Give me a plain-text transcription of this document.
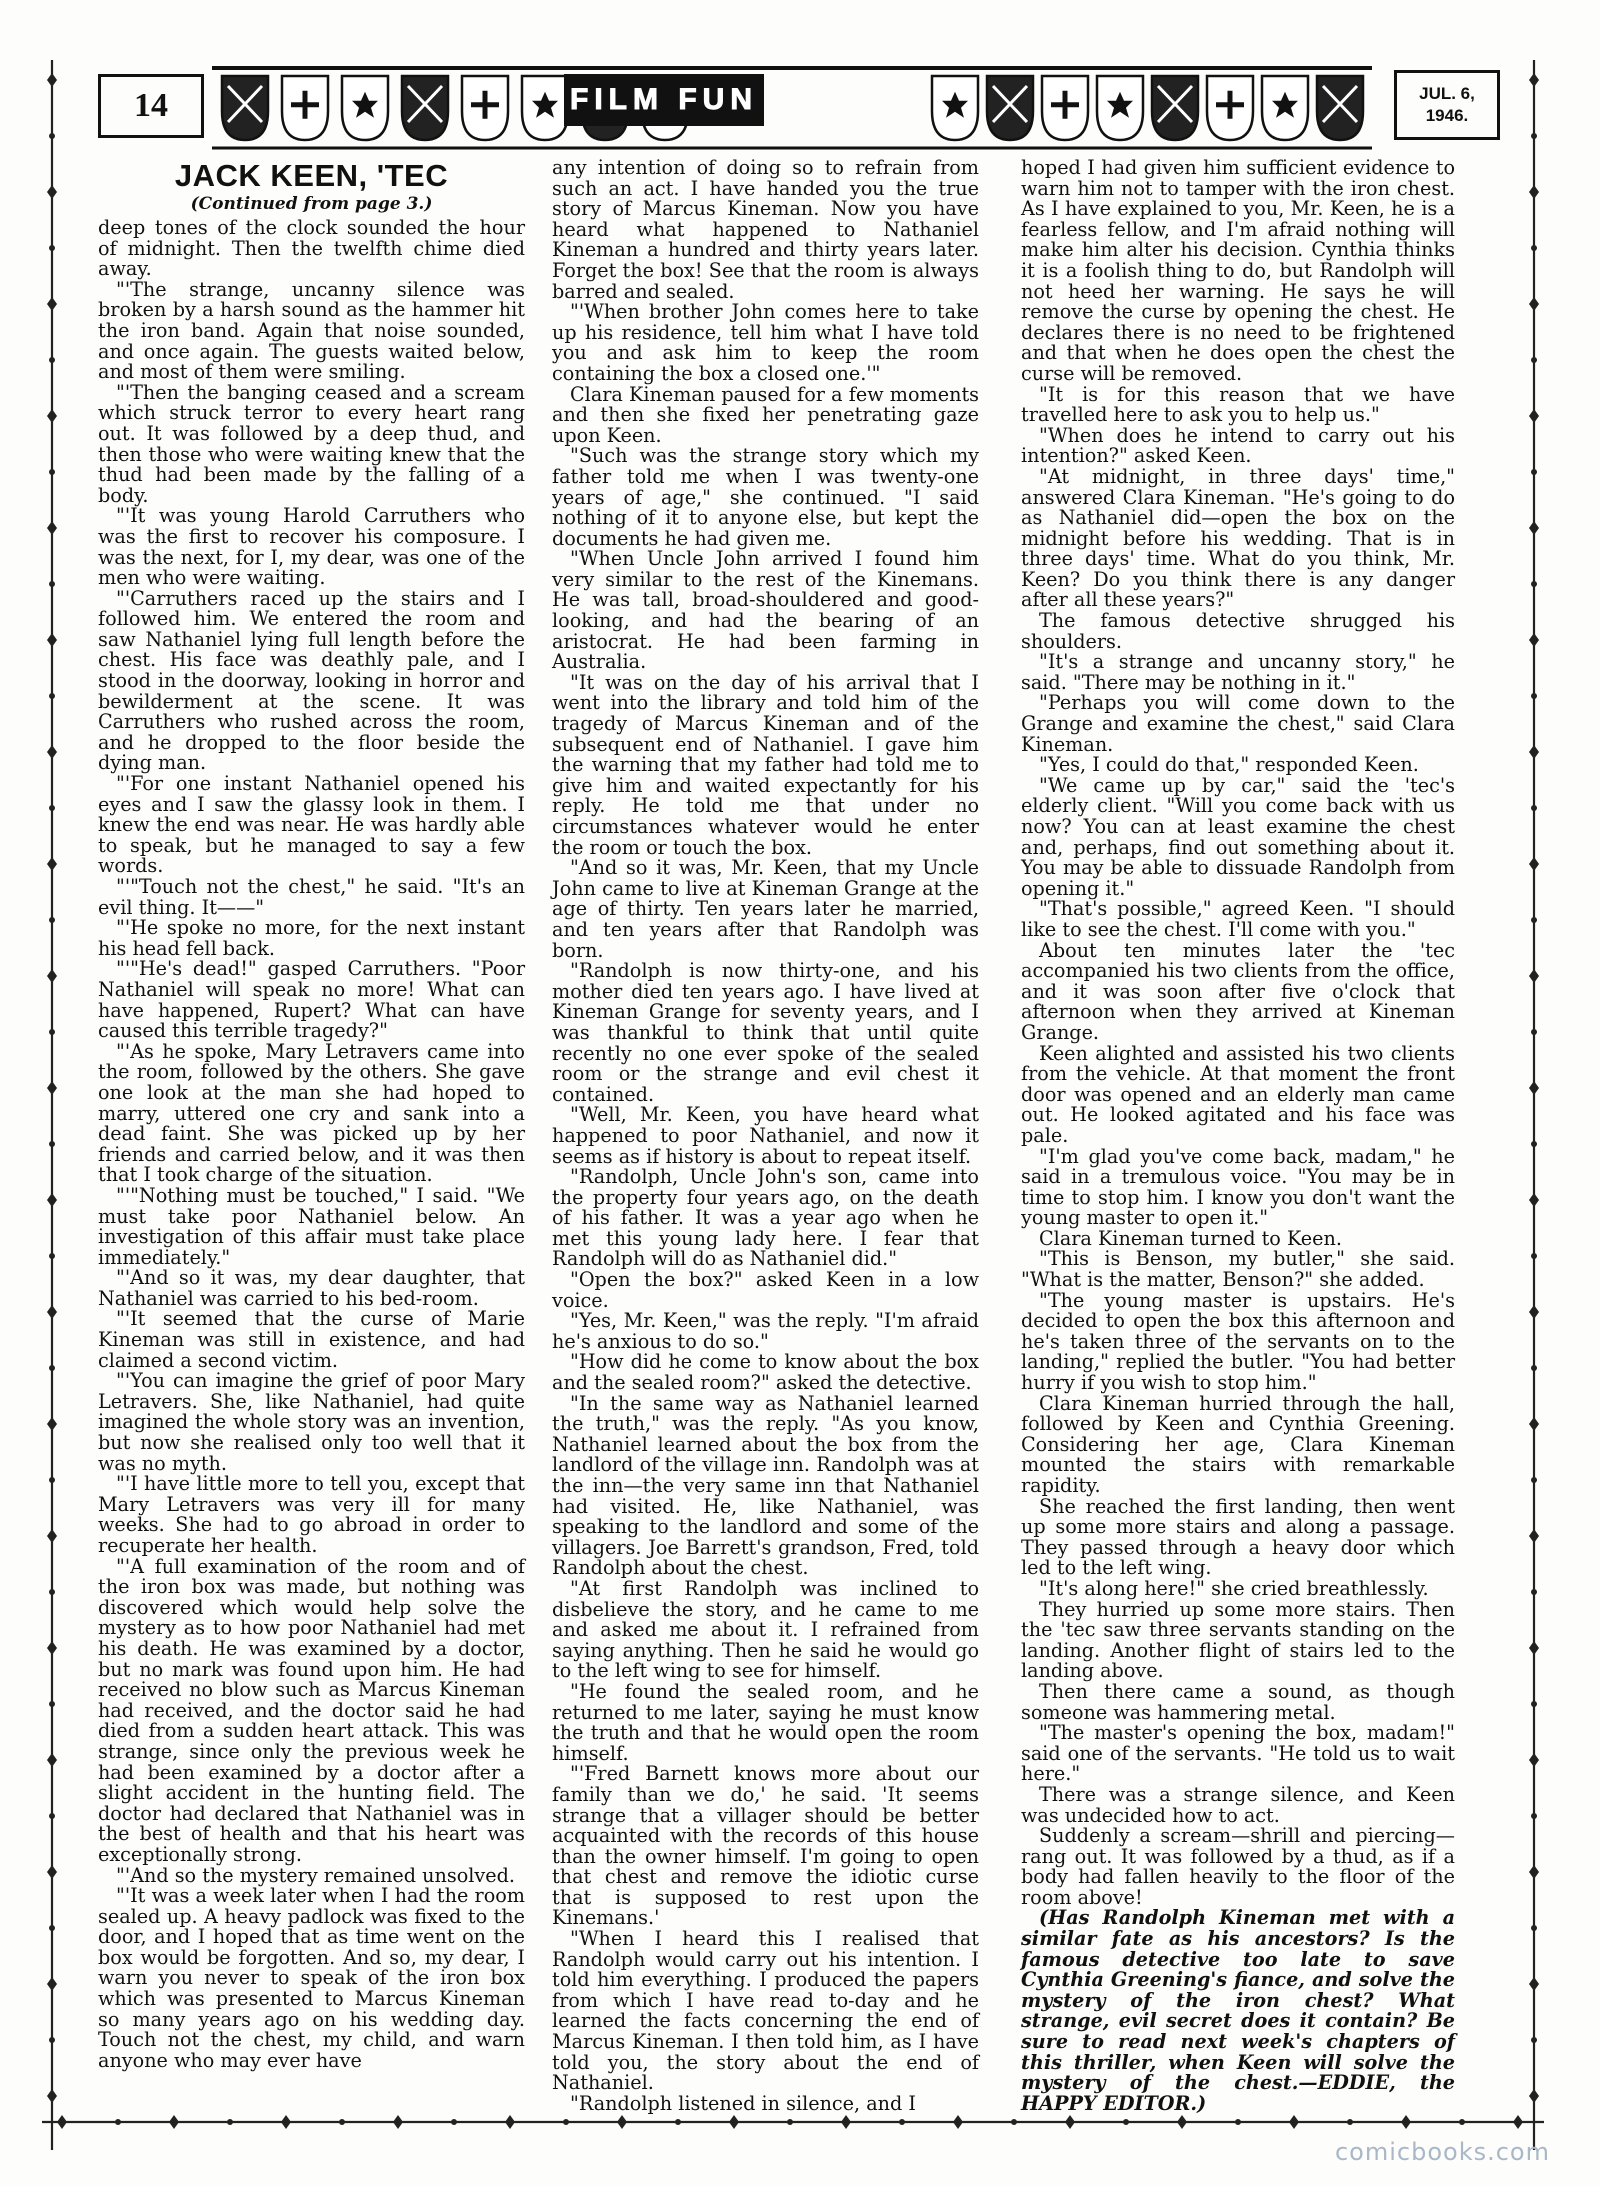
14	FILM FUN	JUL. 6,
1946.
JACK KEEN, 'TEC
(Continued from page 3.)

deep tones of the clock sounded the hour of midnight. Then the twelfth chime died away.

"'The strange, uncanny silence was broken by a harsh sound as the hammer hit the iron band. Again that noise sounded, and once again. The guests waited below, and most of them were smiling.

"'Then the banging ceased and a scream which struck terror to every heart rang out. It was followed by a deep thud, and then those who were waiting knew that the thud had been made by the falling of a body.

"'It was young Harold Carruthers who was the first to recover his composure. I was the next, for I, my dear, was one of the men who were waiting.

"'Carruthers raced up the stairs and I followed him. We entered the room and saw Nathaniel lying full length before the chest. His face was deathly pale, and I stood in the doorway, looking in horror and bewilderment at the scene. It was Carruthers who rushed across the room, and he dropped to the floor beside the dying man.

"'For one instant Nathaniel opened his eyes and I saw the glassy look in them. I knew the end was near. He was hardly able to speak, but he managed to say a few words.

"'"Touch not the chest," he said. "It's an evil thing. It——"

"'He spoke no more, for the next instant his head fell back.

"'"He's dead!" gasped Carruthers. "Poor Nathaniel will speak no more! What can have happened, Rupert? What can have caused this terrible tragedy?"

"'As he spoke, Mary Letravers came into the room, followed by the others. She gave one look at the man she had hoped to marry, uttered one cry and sank into a dead faint. She was picked up by her friends and carried below, and it was then that I took charge of the situation.

"'"Nothing must be touched," I said. "We must take poor Nathaniel below. An investigation of this affair must take place immediately."

"'And so it was, my dear daughter, that Nathaniel was carried to his bed-room.

"'It seemed that the curse of Marie Kineman was still in existence, and had claimed a second victim.

"'You can imagine the grief of poor Mary Letravers. She, like Nathaniel, had quite imagined the whole story was an invention, but now she realised only too well that it was no myth.

"'I have little more to tell you, except that Mary Letravers was very ill for many weeks. She had to go abroad in order to recuperate her health.

"'A full examination of the room and of the iron box was made, but nothing was discovered which would help solve the mystery as to how poor Nathaniel had met his death. He was examined by a doctor, but no mark was found upon him. He had received no blow such as Marcus Kineman had received, and the doctor said he had died from a sudden heart attack. This was strange, since only the previous week he had been examined by a doctor after a slight accident in the hunting field. The doctor had declared that Nathaniel was in the best of health and that his heart was exceptionally strong.

"'And so the mystery remained unsolved.

"'It was a week later when I had the room sealed up. A heavy padlock was fixed to the door, and I hoped that as time went on the box would be forgotten. And so, my dear, I warn you never to speak of the iron box which was presented to Marcus Kineman so many years ago on his wedding day. Touch not the chest, my child, and warn anyone who may ever have

any intention of doing so to refrain from such an act. I have handed you the true story of Marcus Kineman. Now you have heard what happened to Nathaniel Kineman a hundred and thirty years later. Forget the box! See that the room is always barred and sealed.

"'When brother John comes here to take up his residence, tell him what I have told you and ask him to keep the room containing the box a closed one.'"

Clara Kineman paused for a few moments and then she fixed her penetrating gaze upon Keen.

"Such was the strange story which my father told me when I was twenty-one years of age," she continued. "I said nothing of it to anyone else, but kept the documents he had given me.

"When Uncle John arrived I found him very similar to the rest of the Kinemans. He was tall, broad-shouldered and good-looking, and had the bearing of an aristocrat. He had been farming in Australia.

"It was on the day of his arrival that I went into the library and told him of the tragedy of Marcus Kineman and of the subsequent end of Nathaniel. I gave him the warning that my father had told me to give him and waited expectantly for his reply. He told me that under no circumstances whatever would he enter the room or touch the box.

"And so it was, Mr. Keen, that my Uncle John came to live at Kineman Grange at the age of thirty. Ten years later he married, and ten years after that Randolph was born.

"Randolph is now thirty-one, and his mother died ten years ago. I have lived at Kineman Grange for seventy years, and I was thankful to think that until quite recently no one ever spoke of the sealed room or the strange and evil chest it contained.

"Well, Mr. Keen, you have heard what happened to poor Nathaniel, and now it seems as if history is about to repeat itself.

"Randolph, Uncle John's son, came into the property four years ago, on the death of his father. It was a year ago when he met this young lady here. I fear that Randolph will do as Nathaniel did."

"Open the box?" asked Keen in a low voice.

"Yes, Mr. Keen," was the reply. "I'm afraid he's anxious to do so."

"How did he come to know about the box and the sealed room?" asked the detective.

"In the same way as Nathaniel learned the truth," was the reply. "As you know, Nathaniel learned about the box from the landlord of the village inn. Randolph was at the inn—the very same inn that Nathaniel had visited. He, like Nathaniel, was speaking to the landlord and some of the villagers. Joe Barrett's grandson, Fred, told Randolph about the chest.

"At first Randolph was inclined to disbelieve the story, and he came to me and asked me about it. I refrained from saying anything. Then he said he would go to the left wing to see for himself.

"He found the sealed room, and he returned to me later, saying he must know the truth and that he would open the room himself.

"'Fred Barnett knows more about our family than we do,' he said. 'It seems strange that a villager should be better acquainted with the records of this house than the owner himself. I'm going to open that chest and remove the idiotic curse that is supposed to rest upon the Kinemans.'

"When I heard this I realised that Randolph would carry out his intention. I told him everything. I produced the papers from which I have read to-day and he learned the facts concerning the end of Marcus Kineman. I then told him, as I have told you, the story about the end of Nathaniel.

"Randolph listened in silence, and I

hoped I had given him sufficient evidence to warn him not to tamper with the iron chest. As I have explained to you, Mr. Keen, he is a fearless fellow, and I'm afraid nothing will make him alter his decision. Cynthia thinks it is a foolish thing to do, but Randolph will not heed her warning. He says he will remove the curse by opening the chest. He declares there is no need to be frightened and that when he does open the chest the curse will be removed.

"It is for this reason that we have travelled here to ask you to help us."

"When does he intend to carry out his intention?" asked Keen.

"At midnight, in three days' time," answered Clara Kineman. "He's going to do as Nathaniel did—open the box on the midnight before his wedding. That is in three days' time. What do you think, Mr. Keen? Do you think there is any danger after all these years?"

The famous detective shrugged his shoulders.

"It's a strange and uncanny story," he said. "There may be nothing in it."

"Perhaps you will come down to the Grange and examine the chest," said Clara Kineman.

"Yes, I could do that," responded Keen.

"We came up by car," said the 'tec's elderly client. "Will you come back with us now? You can at least examine the chest and, perhaps, find out something about it. You may be able to dissuade Randolph from opening it."

"That's possible," agreed Keen. "I should like to see the chest. I'll come with you."

About ten minutes later the 'tec accompanied his two clients from the office, and it was soon after five o'clock that afternoon when they arrived at Kineman Grange.

Keen alighted and assisted his two clients from the vehicle. At that moment the front door was opened and an elderly man came out. He looked agitated and his face was pale.

"I'm glad you've come back, madam," he said in a tremulous voice. "You may be in time to stop him. I know you don't want the young master to open it."

Clara Kineman turned to Keen.

"This is Benson, my butler," she said. "What is the matter, Benson?" she added.

"The young master is upstairs. He's decided to open the box this afternoon and he's taken three of the servants on to the landing," replied the butler. "You had better hurry if you wish to stop him."

Clara Kineman hurried through the hall, followed by Keen and Cynthia Greening. Considering her age, Clara Kineman mounted the stairs with remarkable rapidity.

She reached the first landing, then went up some more stairs and along a passage. They passed through a heavy door which led to the left wing.

"It's along here!" she cried breathlessly.

They hurried up some more stairs. Then the 'tec saw three servants standing on the landing. Another flight of stairs led to the landing above.

Then there came a sound, as though someone was hammering metal.

"The master's opening the box, madam!" said one of the servants. "He told us to wait here."

There was a strange silence, and Keen was undecided how to act.

Suddenly a scream—shrill and piercing—rang out. It was followed by a thud, as if a body had fallen heavily to the floor of the room above!

(Has Randolph Kineman met with a similar fate as his ancestors? Is the famous detective too late to save Cynthia Greening's fiance, and solve the mystery of the iron chest? What strange, evil secret does it contain? Be sure to read next week's chapters of this thriller, when Keen will solve the mystery of the chest.—EDDIE, the HAPPY EDITOR.)

comicbooks.com
